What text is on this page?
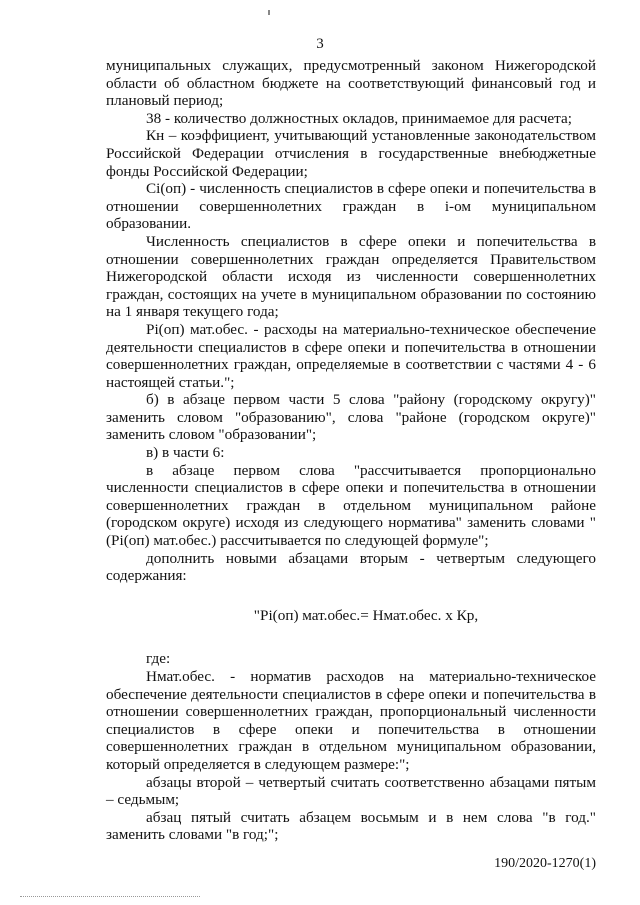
3

муниципальных служащих, предусмотренный законом Нижегородской области об областном бюджете на соответствующий финансовый год и плановый период;

38 - количество должностных окладов, принимаемое для расчета;

Кн – коэффициент, учитывающий установленные законодательством Российской Федерации отчисления в государственные внебюджетные фонды Российской Федерации;

Ci(оп) - численность специалистов в сфере опеки и попечительства в отношении совершеннолетних граждан в i-ом муниципальном образовании.

Численность специалистов в сфере опеки и попечительства в отношении совершеннолетних граждан определяется Правительством Нижегородской области исходя из численности совершеннолетних граждан, состоящих на учете в муниципальном образовании по состоянию на 1 января текущего года;

Pi(оп) мат.обес. - расходы на материально-техническое обеспечение деятельности специалистов в сфере опеки и попечительства в отношении совершеннолетних граждан, определяемые в соответствии с частями 4 - 6 настоящей статьи.";

б) в абзаце первом части 5 слова "району (городскому округу)" заменить словом "образованию", слова "районе (городском округе)" заменить словом "образовании";

в) в части 6:

в абзаце первом слова "рассчитывается пропорционально численности специалистов в сфере опеки и попечительства в отношении совершеннолетних граждан в отдельном муниципальном районе (городском округе) исходя из следующего норматива" заменить словами "(Pi(оп) мат.обес.) рассчитывается по следующей формуле";

дополнить новыми абзацами вторым - четвертым следующего содержания:

"Pi(оп) мат.обес.= Нмат.обес. х Кр,

где:

Нмат.обес. - норматив расходов на материально-техническое обеспечение деятельности специалистов в сфере опеки и попечительства в отношении совершеннолетних граждан, пропорциональный численности специалистов в сфере опеки и попечительства в отношении совершеннолетних граждан в отдельном муниципальном образовании, который определяется в следующем размере:";

абзацы второй – четвертый считать соответственно абзацами пятым – седьмым;

абзац пятый считать абзацем восьмым и в нем слова "в год." заменить словами "в год;";

190/2020-1270(1)
